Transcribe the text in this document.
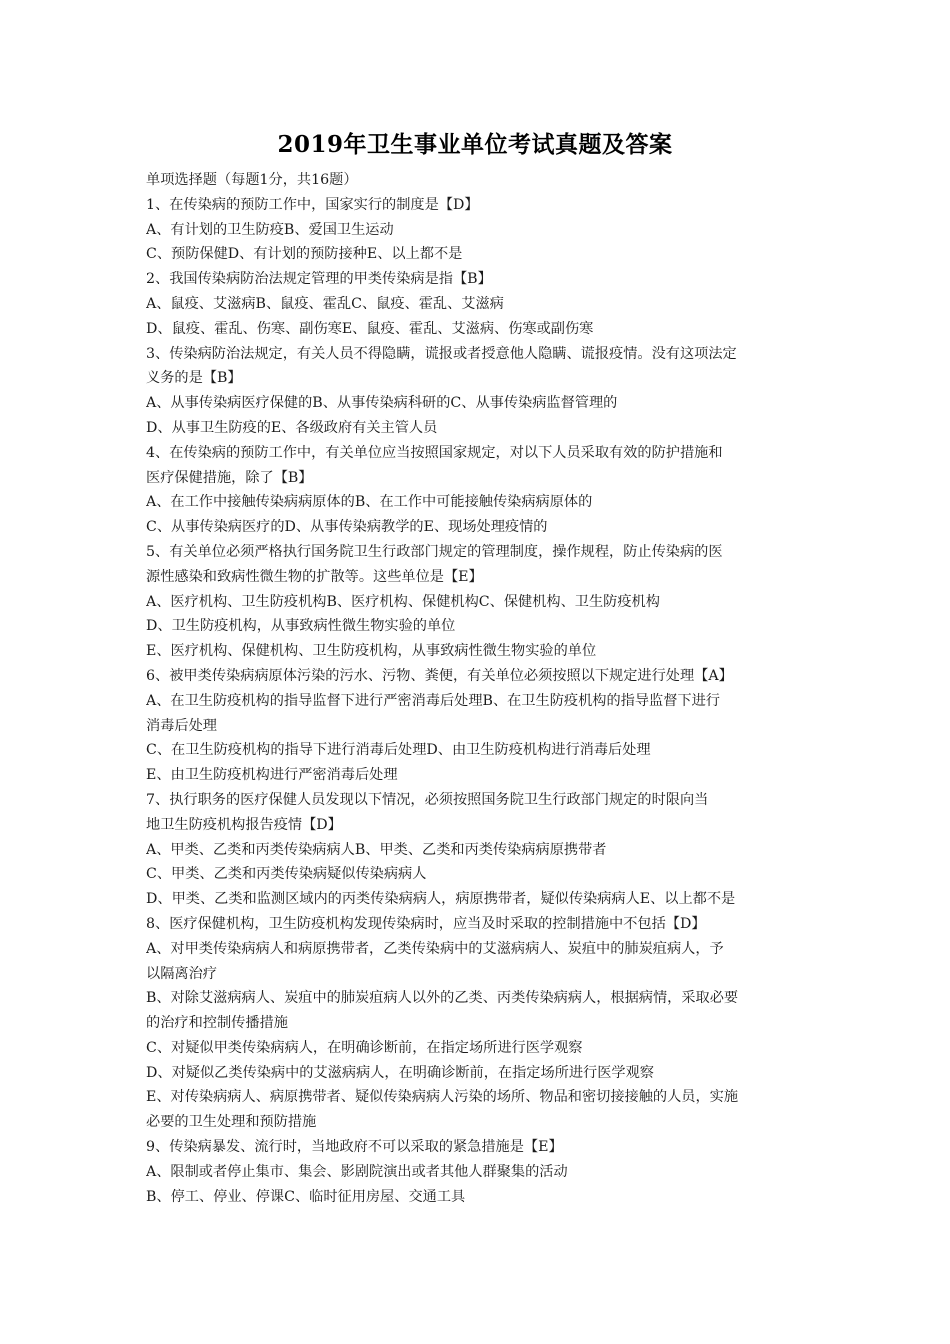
2019年卫生事业单位考试真题及答案
单项选择题（每题1分，共16题）
1、在传染病的预防工作中，国家实行的制度是【D】
A、有计划的卫生防疫B、爱国卫生运动
C、预防保健D、有计划的预防接种E、以上都不是
2、我国传染病防治法规定管理的甲类传染病是指【B】
A、鼠疫、艾滋病B、鼠疫、霍乱C、鼠疫、霍乱、艾滋病
D、鼠疫、霍乱、伤寒、副伤寒E、鼠疫、霍乱、艾滋病、伤寒或副伤寒
3、传染病防治法规定，有关人员不得隐瞒，谎报或者授意他人隐瞒、谎报疫情。没有这项法定
义务的是【B】
A、从事传染病医疗保健的B、从事传染病科研的C、从事传染病监督管理的
D、从事卫生防疫的E、各级政府有关主管人员
4、在传染病的预防工作中，有关单位应当按照国家规定，对以下人员采取有效的防护措施和
医疗保健措施，除了【B】
A、在工作中接触传染病病原体的B、在工作中可能接触传染病病原体的
C、从事传染病医疗的D、从事传染病教学的E、现场处理疫情的
5、有关单位必须严格执行国务院卫生行政部门规定的管理制度，操作规程，防止传染病的医
源性感染和致病性微生物的扩散等。这些单位是【E】
A、医疗机构、卫生防疫机构B、医疗机构、保健机构C、保健机构、卫生防疫机构
D、卫生防疫机构，从事致病性微生物实验的单位
E、医疗机构、保健机构、卫生防疫机构，从事致病性微生物实验的单位
6、被甲类传染病病原体污染的污水、污物、粪便，有关单位必须按照以下规定进行处理【A】
A、在卫生防疫机构的指导监督下进行严密消毒后处理B、在卫生防疫机构的指导监督下进行
消毒后处理
C、在卫生防疫机构的指导下进行消毒后处理D、由卫生防疫机构进行消毒后处理
E、由卫生防疫机构进行严密消毒后处理
7、执行职务的医疗保健人员发现以下情况，必须按照国务院卫生行政部门规定的时限向当
地卫生防疫机构报告疫情【D】
A、甲类、乙类和丙类传染病病人B、甲类、乙类和丙类传染病病原携带者
C、甲类、乙类和丙类传染病疑似传染病病人
D、甲类、乙类和监测区域内的丙类传染病病人，病原携带者，疑似传染病病人E、以上都不是
8、医疗保健机构，卫生防疫机构发现传染病时，应当及时采取的控制措施中不包括【D】
A、对甲类传染病病人和病原携带者，乙类传染病中的艾滋病病人、炭疽中的肺炭疽病人，予
以隔离治疗
B、对除艾滋病病人、炭疽中的肺炭疽病人以外的乙类、丙类传染病病人，根据病情，采取必要
的治疗和控制传播措施
C、对疑似甲类传染病病人，在明确诊断前，在指定场所进行医学观察
D、对疑似乙类传染病中的艾滋病病人，在明确诊断前，在指定场所进行医学观察
E、对传染病病人、病原携带者、疑似传染病病人污染的场所、物品和密切接接触的人员，实施
必要的卫生处理和预防措施
9、传染病暴发、流行时，当地政府不可以采取的紧急措施是【E】
A、限制或者停止集市、集会、影剧院演出或者其他人群聚集的活动
B、停工、停业、停课C、临时征用房屋、交通工具
